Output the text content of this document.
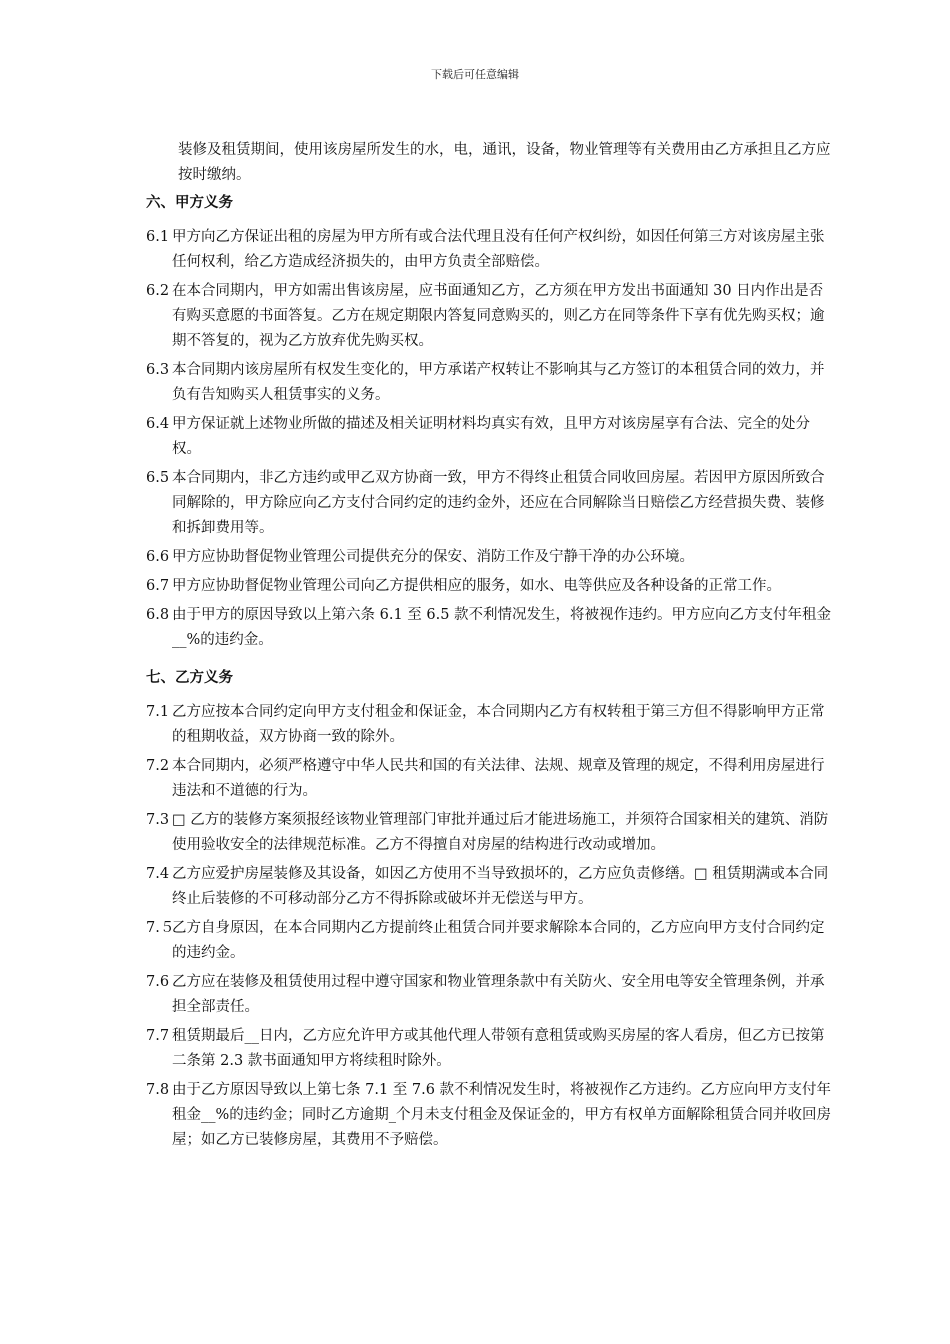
下载后可任意编辑
装修及租赁期间，使用该房屋所发生的水，电，通讯，设备，物业管理等有关费用由乙方承担且乙方应按时缴纳。
六、甲方义务
6.1 甲方向乙方保证出租的房屋为甲方所有或合法代理且没有任何产权纠纷，如因任何第三方对该房屋主张任何权利，给乙方造成经济损失的，由甲方负责全部赔偿。
6.2 在本合同期内，甲方如需出售该房屋，应书面通知乙方，乙方须在甲方发出书面通知 30 日内作出是否有购买意愿的书面答复。乙方在规定期限内答复同意购买的，则乙方在同等条件下享有优先购买权；逾期不答复的，视为乙方放弃优先购买权。
6.3 本合同期内该房屋所有权发生变化的，甲方承诺产权转让不影响其与乙方签订的本租赁合同的效力，并负有告知购买人租赁事实的义务。
6.4 甲方保证就上述物业所做的描述及相关证明材料均真实有效，且甲方对该房屋享有合法、完全的处分权。
6.5 本合同期内，非乙方违约或甲乙双方协商一致，甲方不得终止租赁合同收回房屋。若因甲方原因所致合同解除的，甲方除应向乙方支付合同约定的违约金外，还应在合同解除当日赔偿乙方经营损失费、装修和拆卸费用等。
6.6 甲方应协助督促物业管理公司提供充分的保安、消防工作及宁静干净的办公环境。
6.7 甲方应协助督促物业管理公司向乙方提供相应的服务，如水、电等供应及各种设备的正常工作。
6.8 由于甲方的原因导致以上第六条 6.1 至 6.5 款不利情况发生，将被视作违约。甲方应向乙方支付年租金__%的违约金。
七、乙方义务
7.1 乙方应按本合同约定向甲方支付租金和保证金，本合同期内乙方有权转租于第三方但不得影响甲方正常的租期收益，双方协商一致的除外。
7.2 本合同期内，必须严格遵守中华人民共和国的有关法律、法规、规章及管理的规定，不得利用房屋进行违法和不道德的行为。
7.3 □ 乙方的装修方案须报经该物业管理部门审批并通过后才能进场施工，并须符合国家相关的建筑、消防使用验收安全的法律规范标准。乙方不得擅自对房屋的结构进行改动或增加。
7.4 乙方应爱护房屋装修及其设备，如因乙方使用不当导致损坏的，乙方应负责修缮。□ 租赁期满或本合同终止后装修的不可移动部分乙方不得拆除或破坏并无偿送与甲方。
7.５
乙方自身原因，在本合同期内乙方提前终止租赁合同并要求解除本合同的，乙方应向甲方支付合同约定的违约金。
7.6 乙方应在装修及租赁使用过程中遵守国家和物业管理条款中有关防火、安全用电等安全管理条例，并承担全部责任。
7.7 租赁期最后__日内，乙方应允许甲方或其他代理人带领有意租赁或购买房屋的客人看房，但乙方已按第二条第 2.3 款书面通知甲方将续租时除外。
7.8 由于乙方原因导致以上第七条 7.1 至 7.6 款不利情况发生时，将被视作乙方违约。乙方应向甲方支付年租金__%的违约金；同时乙方逾期_个月未支付租金及保证金的，甲方有权单方面解除租赁合同并收回房屋；如乙方已装修房屋，其费用不予赔偿。
